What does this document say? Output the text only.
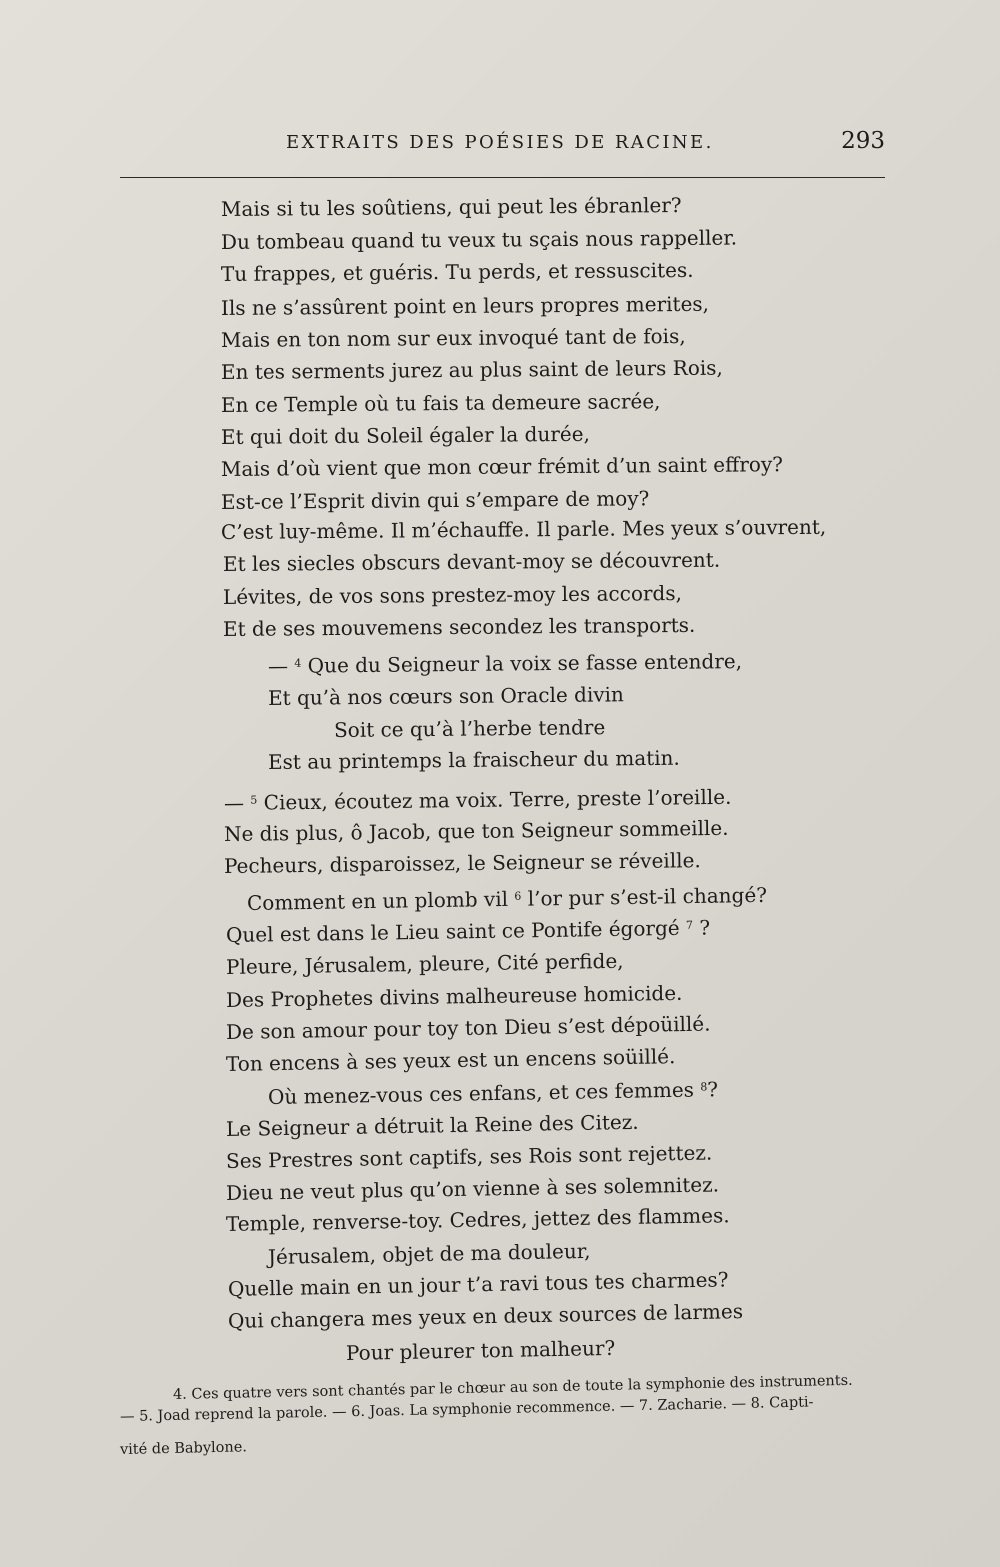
EXTRAITS DES POÉSIES DE RACINE.	293
Mais si tu les soûtiens, qui peut les ébranler?
Du tombeau quand tu veux tu sçais nous rappeller.
Tu frappes, et guéris. Tu perds, et ressuscites.
Ils ne s’assûrent point en leurs propres merites,
Mais en ton nom sur eux invoqué tant de fois,
En tes serments jurez au plus saint de leurs Rois,
En ce Temple où tu fais ta demeure sacrée,
Et qui doit du Soleil égaler la durée,
Mais d’où vient que mon cœur frémit d’un saint effroy?
Est-ce l’Esprit divin qui s’empare de moy?
C’est luy-même. Il m’échauffe. Il parle. Mes yeux s’ouvrent,
Et les siecles obscurs devant-moy se découvrent.
Lévites, de vos sons prestez-moy les accords,
Et de ses mouvemens secondez les transports.
— $^4$ Que du Seigneur la voix se fasse entendre,
Et qu’à nos cœurs son Oracle divin
Soit ce qu’à l’herbe tendre
Est au printemps la fraischeur du matin.
— $^5$ Cieux, écoutez ma voix. Terre, preste l’oreille.
Ne dis plus, ô Jacob, que ton Seigneur sommeille.
Pecheurs, disparoissez, le Seigneur se réveille.
Comment en un plomb vil $^6$ l’or pur s’est-il changé?
Quel est dans le Lieu saint ce Pontife égorgé $^7$ ?
Pleure, Jérusalem, pleure, Cité perfide,
Des Prophetes divins malheureuse homicide.
De son amour pour toy ton Dieu s’est dépoüillé.
Ton encens à ses yeux est un encens soüillé.
Où menez-vous ces enfans, et ces femmes $^8$?
Le Seigneur a détruit la Reine des Citez.
Ses Prestres sont captifs, ses Rois sont rejettez.
Dieu ne veut plus qu’on vienne à ses solemnitez.
Temple, renverse-toy. Cedres, jettez des flammes.
Jérusalem, objet de ma douleur,
Quelle main en un jour t’a ravi tous tes charmes?
Qui changera mes yeux en deux sources de larmes
Pour pleurer ton malheur?
4. Ces quatre vers sont chantés par le chœur au son de toute la symphonie des instruments.
— 5. Joad reprend la parole. — 6. Joas. La symphonie recommence. — 7. Zacharie. — 8. Capti-
vité de Babylone.
